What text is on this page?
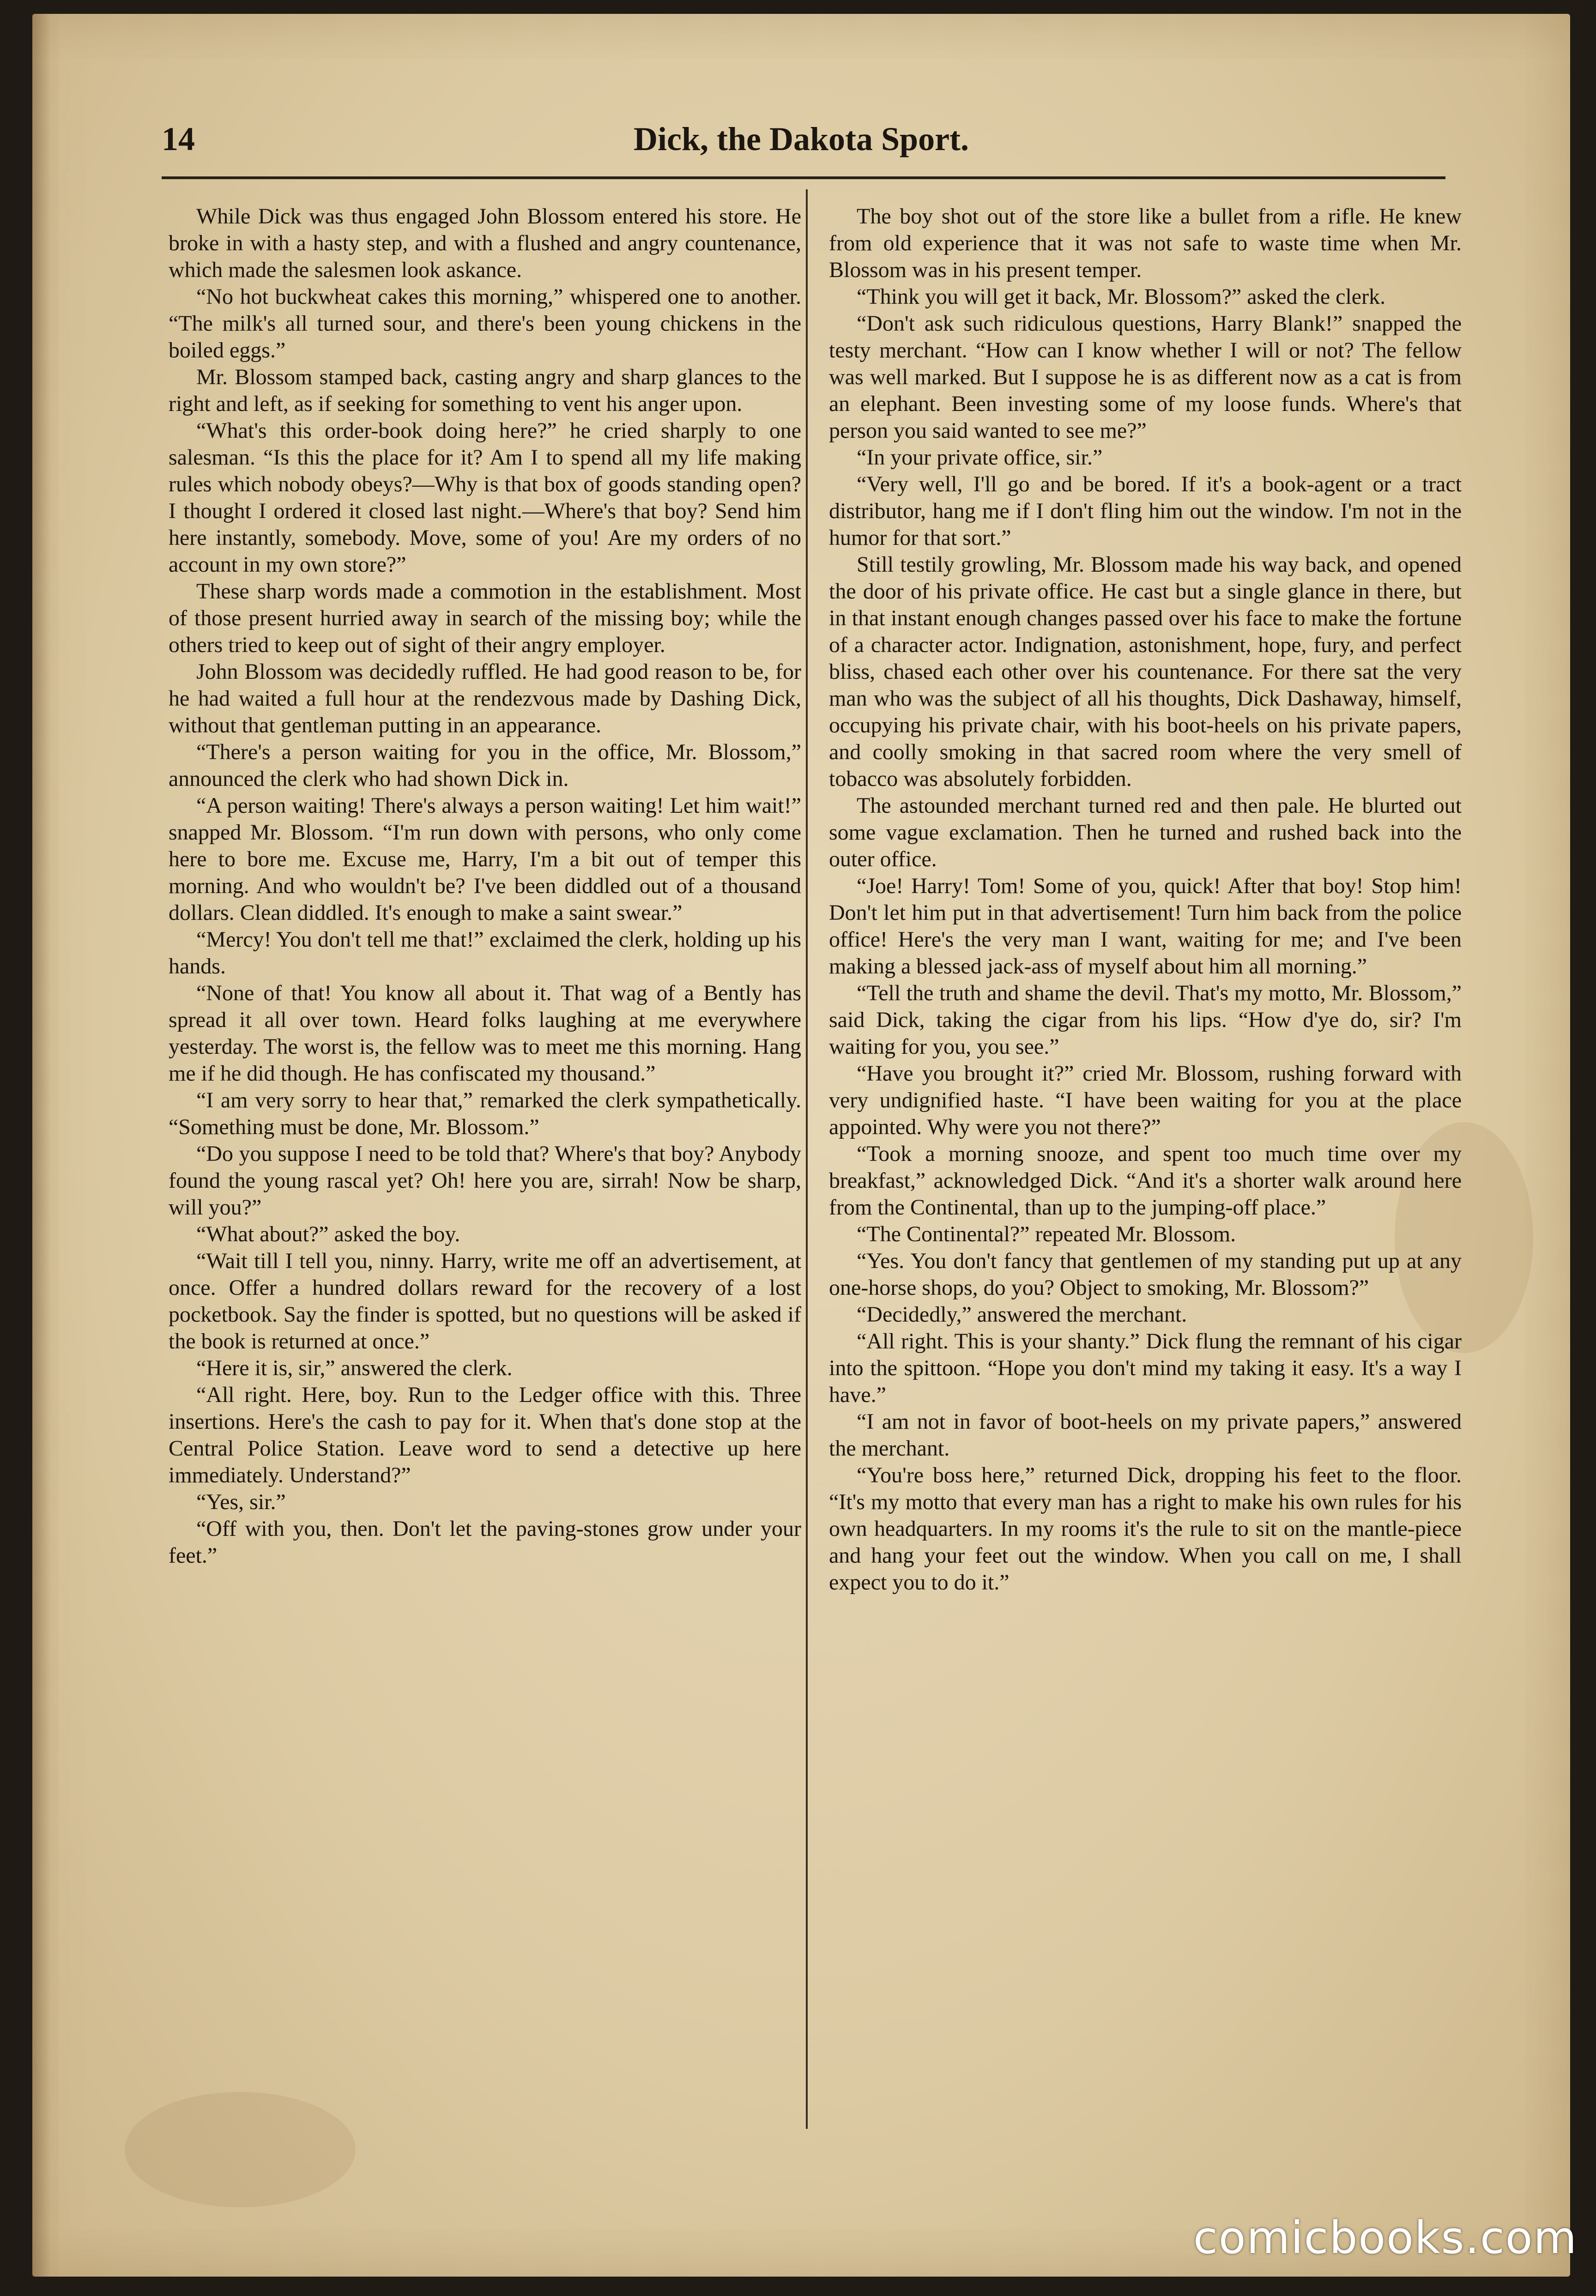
Dick, the Dakota Sport.
14

While Dick was thus engaged John Blossom entered his store. He broke in with a hasty step, and with a flushed and angry countenance, which made the salesmen look askance.

“No hot buckwheat cakes this morning,” whispered one to another. “The milk's all turned sour, and there's been young chickens in the boiled eggs.”

Mr. Blossom stamped back, casting angry and sharp glances to the right and left, as if seeking for something to vent his anger upon.

“What's this order-book doing here?” he cried sharply to one salesman. “Is this the place for it? Am I to spend all my life making rules which nobody obeys?—Why is that box of goods standing open? I thought I ordered it closed last night.—Where's that boy? Send him here instantly, somebody. Move, some of you! Are my orders of no account in my own store?”

These sharp words made a commotion in the establishment. Most of those present hurried away in search of the missing boy; while the others tried to keep out of sight of their angry employer.

John Blossom was decidedly ruffled. He had good reason to be, for he had waited a full hour at the rendezvous made by Dashing Dick, without that gentleman putting in an appearance.

“There's a person waiting for you in the office, Mr. Blossom,” announced the clerk who had shown Dick in.

“A person waiting! There's always a person waiting! Let him wait!” snapped Mr. Blossom. “I'm run down with persons, who only come here to bore me. Excuse me, Harry, I'm a bit out of temper this morning. And who wouldn't be? I've been diddled out of a thousand dollars. Clean diddled. It's enough to make a saint swear.”

“Mercy! You don't tell me that!” exclaimed the clerk, holding up his hands.

“None of that! You know all about it. That wag of a Bently has spread it all over town. Heard folks laughing at me everywhere yesterday. The worst is, the fellow was to meet me this morning. Hang me if he did though. He has confiscated my thousand.”

“I am very sorry to hear that,” remarked the clerk sympathetically. “Something must be done, Mr. Blossom.”

“Do you suppose I need to be told that? Where's that boy? Anybody found the young rascal yet? Oh! here you are, sirrah! Now be sharp, will you?”

“What about?” asked the boy.

“Wait till I tell you, ninny. Harry, write me off an advertisement, at once. Offer a hundred dollars reward for the recovery of a lost pocketbook. Say the finder is spotted, but no questions will be asked if the book is returned at once.”

“Here it is, sir,” answered the clerk.

“All right. Here, boy. Run to the Ledger office with this. Three insertions. Here's the cash to pay for it. When that's done stop at the Central Police Station. Leave word to send a detective up here immediately. Understand?”

“Yes, sir.”

“Off with you, then. Don't let the paving-stones grow under your feet.”

The boy shot out of the store like a bullet from a rifle. He knew from old experience that it was not safe to waste time when Mr. Blossom was in his present temper.

“Think you will get it back, Mr. Blossom?” asked the clerk.

“Don't ask such ridiculous questions, Harry Blank!” snapped the testy merchant. “How can I know whether I will or not? The fellow was well marked. But I suppose he is as different now as a cat is from an elephant. Been investing some of my loose funds. Where's that person you said wanted to see me?”

“In your private office, sir.”

“Very well, I'll go and be bored. If it's a book-agent or a tract distributor, hang me if I don't fling him out the window. I'm not in the humor for that sort.”

Still testily growling, Mr. Blossom made his way back, and opened the door of his private office. He cast but a single glance in there, but in that instant enough changes passed over his face to make the fortune of a character actor. Indignation, astonishment, hope, fury, and perfect bliss, chased each other over his countenance. For there sat the very man who was the subject of all his thoughts, Dick Dashaway, himself, occupying his private chair, with his boot-heels on his private papers, and coolly smoking in that sacred room where the very smell of tobacco was absolutely forbidden.

The astounded merchant turned red and then pale. He blurted out some vague exclamation. Then he turned and rushed back into the outer office.

“Joe! Harry! Tom! Some of you, quick! After that boy! Stop him! Don't let him put in that advertisement! Turn him back from the police office! Here's the very man I want, waiting for me; and I've been making a blessed jack-ass of myself about him all morning.”

“Tell the truth and shame the devil. That's my motto, Mr. Blossom,” said Dick, taking the cigar from his lips. “How d'ye do, sir? I'm waiting for you, you see.”

“Have you brought it?” cried Mr. Blossom, rushing forward with very undignified haste. “I have been waiting for you at the place appointed. Why were you not there?”

“Took a morning snooze, and spent too much time over my breakfast,” acknowledged Dick. “And it's a shorter walk around here from the Continental, than up to the jumping-off place.”

“The Continental?” repeated Mr. Blossom.

“Yes. You don't fancy that gentlemen of my standing put up at any one-horse shops, do you? Object to smoking, Mr. Blossom?”

“Decidedly,” answered the merchant.

“All right. This is your shanty.” Dick flung the remnant of his cigar into the spittoon. “Hope you don't mind my taking it easy. It's a way I have.”

“I am not in favor of boot-heels on my private papers,” answered the merchant.

“You're boss here,” returned Dick, dropping his feet to the floor. “It's my motto that every man has a right to make his own rules for his own headquarters. In my rooms it's the rule to sit on the mantle-piece and hang your feet out the window. When you call on me, I shall expect you to do it.”

comicbooks.com
